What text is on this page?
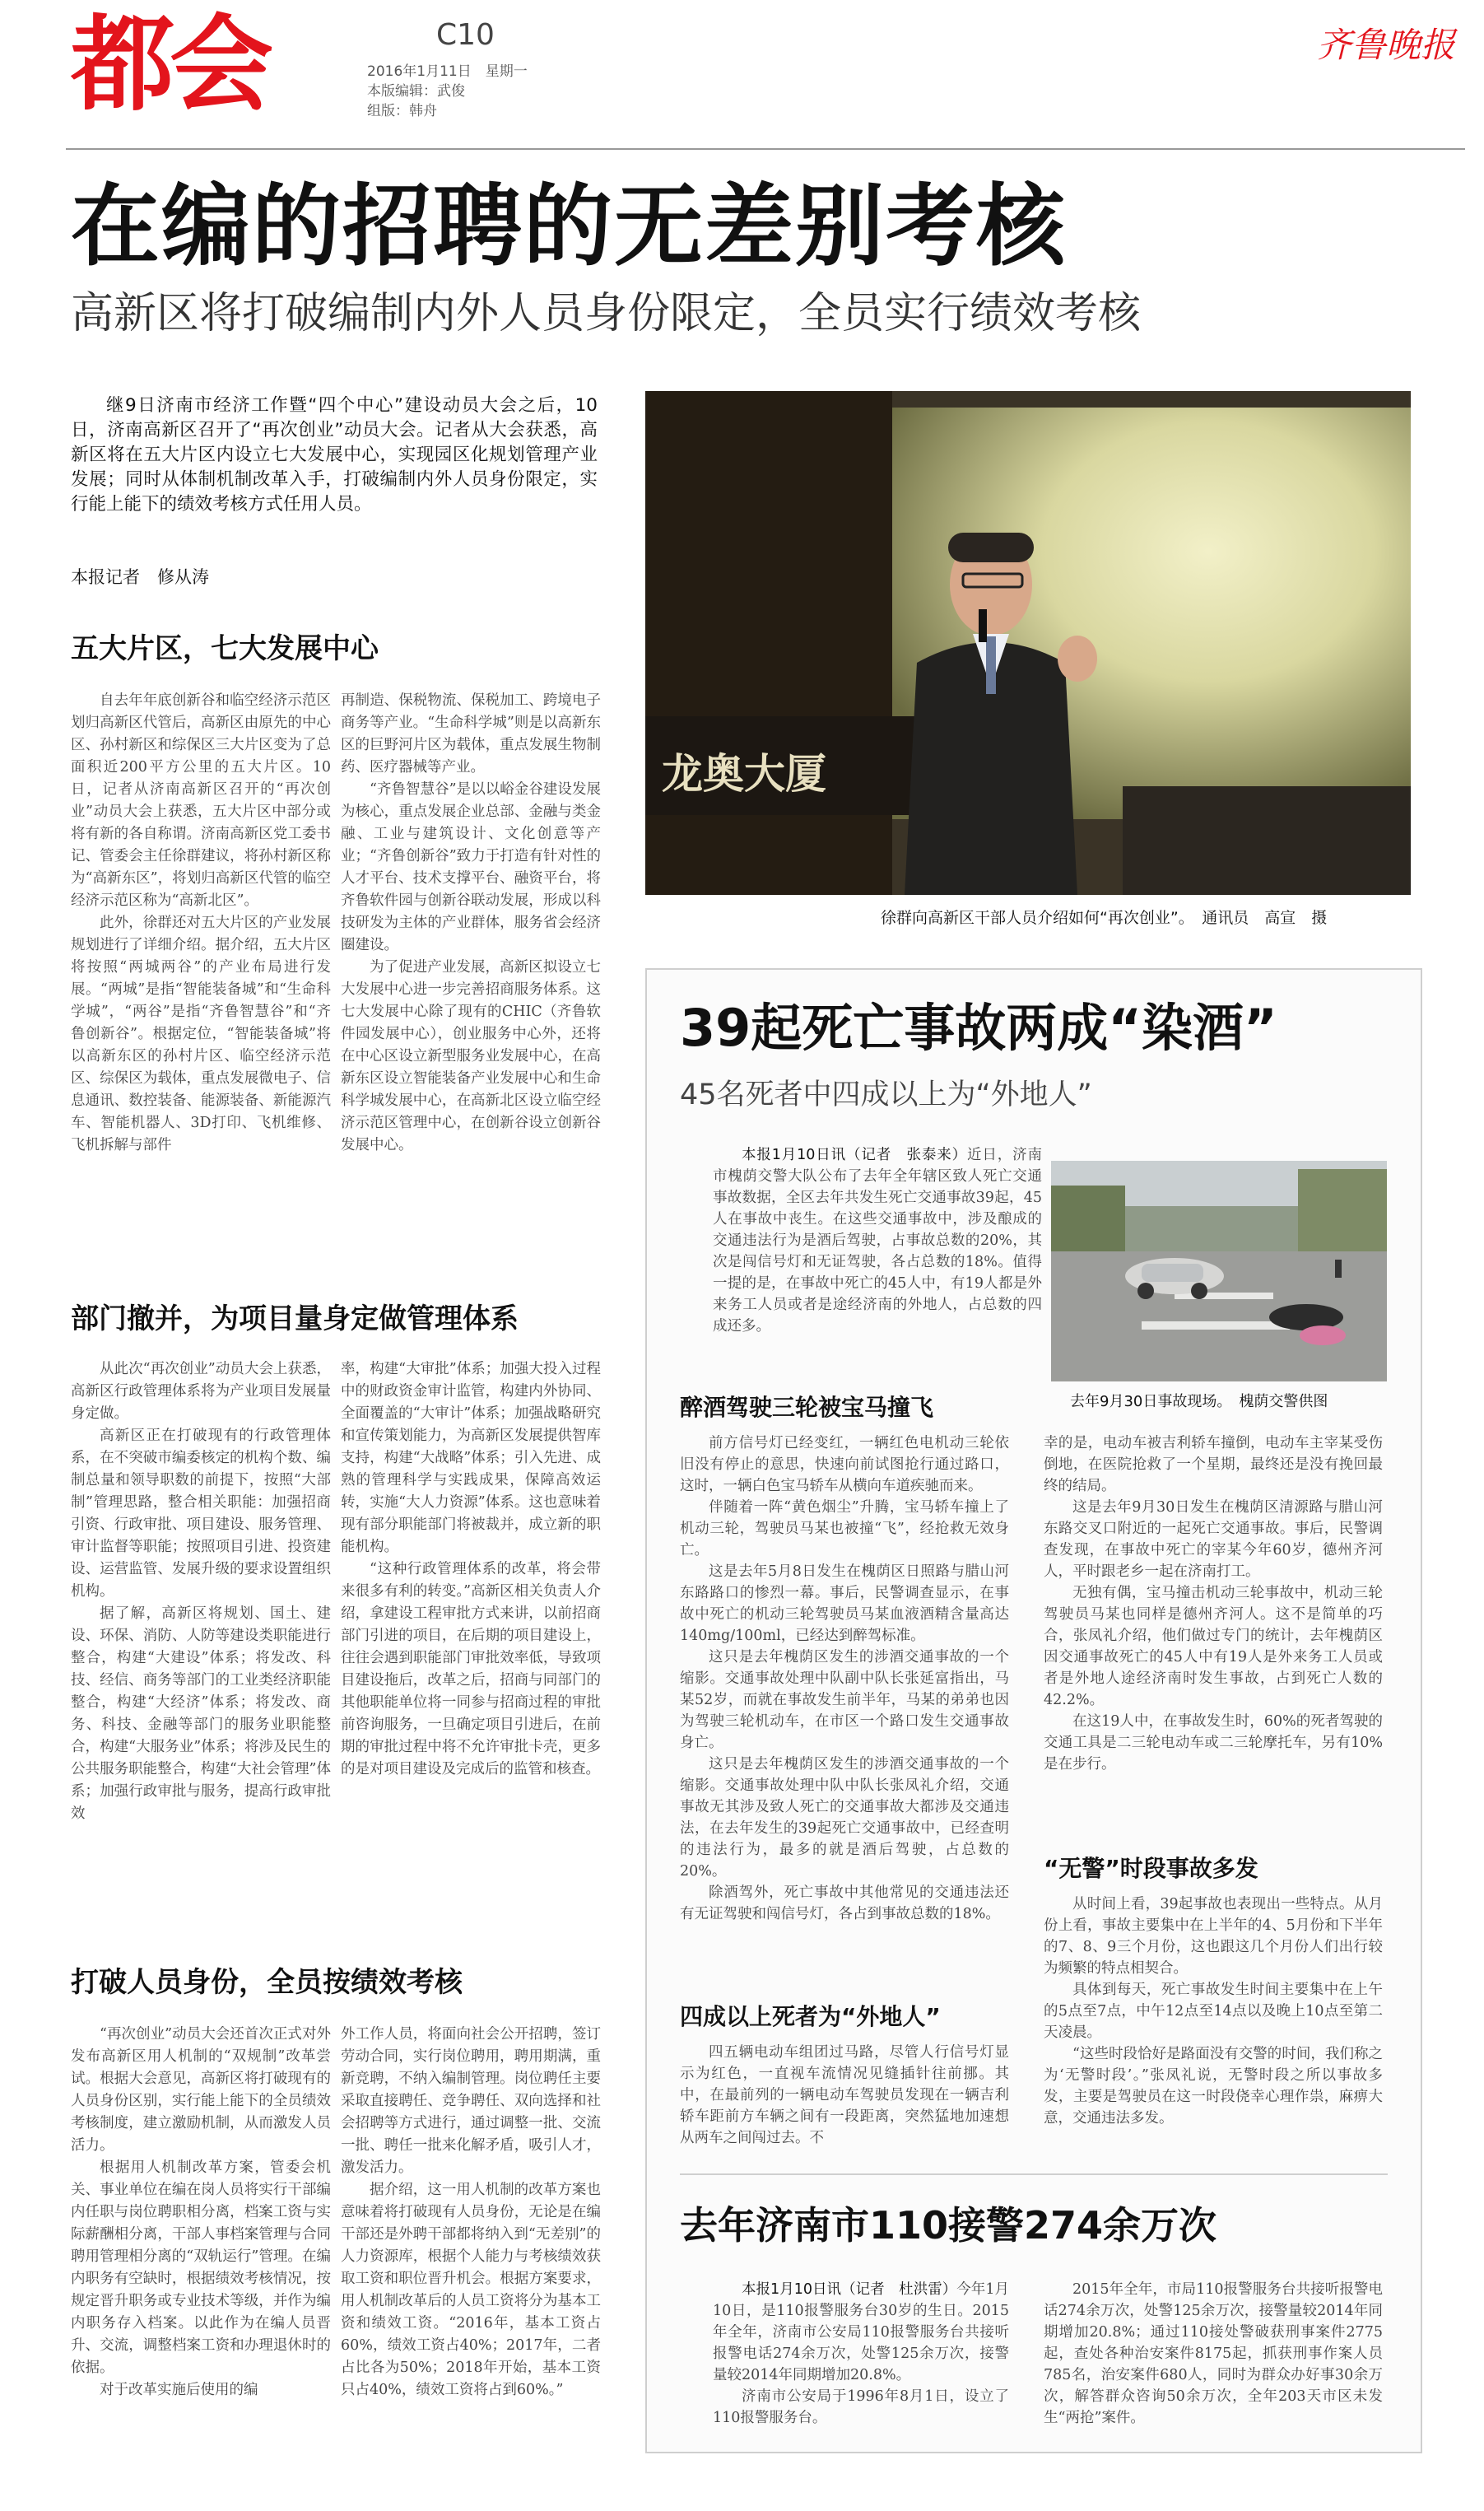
都会	C10
2016年1月11日　星期一
本版编辑：武俊
组版：韩舟
齐鲁晚报
在编的招聘的无差别考核
高新区将打破编制内外人员身份限定，全员实行绩效考核
继9日济南市经济工作暨“四个中心”建设动员大会之后，10日，济南高新区召开了“再次创业”动员大会。记者从大会获悉，高新区将在五大片区内设立七大发展中心，实现园区化规划管理产业发展；同时从体制机制改革入手，打破编制内外人员身份限定，实行能上能下的绩效考核方式任用人员。
本报记者　修从涛
龙奥大厦
徐群向高新区干部人员介绍如何“再次创业”。　通讯员　高宣　摄
五大片区，七大发展中心

自去年年底创新谷和临空经济示范区划归高新区代管后，高新区由原先的中心区、孙村新区和综保区三大片区变为了总面积近200平方公里的五大片区。10日，记者从济南高新区召开的“再次创业”动员大会上获悉，五大片区中部分或将有新的各自称谓。济南高新区党工委书记、管委会主任徐群建议，将孙村新区称为“高新东区”，将划归高新区代管的临空经济示范区称为“高新北区”。

此外，徐群还对五大片区的产业发展规划进行了详细介绍。据介绍，五大片区将按照“两城两谷”的产业布局进行发展。“两城”是指“智能装备城”和“生命科学城”，“两谷”是指“齐鲁智慧谷”和“齐鲁创新谷”。根据定位，“智能装备城”将以高新东区的孙村片区、临空经济示范区、综保区为载体，重点发展微电子、信息通讯、数控装备、能源装备、新能源汽车、智能机器人、3D打印、飞机维修、飞机拆解与部件

再制造、保税物流、保税加工、跨境电子商务等产业。“生命科学城”则是以高新东区的巨野河片区为载体，重点发展生物制药、医疗器械等产业。

“齐鲁智慧谷”是以以峪金谷建设发展为核心，重点发展企业总部、金融与类金融、工业与建筑设计、文化创意等产业；“齐鲁创新谷”致力于打造有针对性的人才平台、技术支撑平台、融资平台，将齐鲁软件园与创新谷联动发展，形成以科技研发为主体的产业群体，服务省会经济圈建设。

为了促进产业发展，高新区拟设立七大发展中心进一步完善招商服务体系。这七大发展中心除了现有的CHIC（齐鲁软件园发展中心），创业服务中心外，还将在中心区设立新型服务业发展中心，在高新东区设立智能装备产业发展中心和生命科学城发展中心，在高新北区设立临空经济示范区管理中心，在创新谷设立创新谷发展中心。

部门撤并，为项目量身定做管理体系

从此次“再次创业”动员大会上获悉，高新区行政管理体系将为产业项目发展量身定做。

高新区正在打破现有的行政管理体系，在不突破市编委核定的机构个数、编制总量和领导职数的前提下，按照“大部制”管理思路，整合相关职能：加强招商引资、行政审批、项目建设、服务管理、审计监督等职能；按照项目引进、投资建设、运营监管、发展升级的要求设置组织机构。

据了解，高新区将规划、国土、建设、环保、消防、人防等建设类职能进行整合，构建“大建设”体系；将发改、科技、经信、商务等部门的工业类经济职能整合，构建“大经济”体系；将发改、商务、科技、金融等部门的服务业职能整合，构建“大服务业”体系；将涉及民生的公共服务职能整合，构建“大社会管理”体系；加强行政审批与服务，提高行政审批效

率，构建“大审批”体系；加强大投入过程中的财政资金审计监管，构建内外协同、全面覆盖的“大审计”体系；加强战略研究和宣传策划能力，为高新区发展提供智库支持，构建“大战略”体系；引入先进、成熟的管理科学与实践成果，保障高效运转，实施“大人力资源”体系。这也意味着现有部分职能部门将被裁并，成立新的职能机构。

“这种行政管理体系的改革，将会带来很多有利的转变。”高新区相关负责人介绍，拿建设工程审批方式来讲，以前招商部门引进的项目，在后期的项目建设上，往往会遇到职能部门审批效率低，导致项目建设拖后，改革之后，招商与同部门的其他职能单位将一同参与招商过程的审批前咨询服务，一旦确定项目引进后，在前期的审批过程中将不允许审批卡壳，更多的是对项目建设及完成后的监管和核查。

打破人员身份，全员按绩效考核

“再次创业”动员大会还首次正式对外发布高新区用人机制的“双规制”改革尝试。根据大会意见，高新区将打破现有的人员身份区别，实行能上能下的全员绩效考核制度，建立激励机制，从而激发人员活力。

根据用人机制改革方案，管委会机关、事业单位在编在岗人员将实行干部编内任职与岗位聘职相分离，档案工资与实际薪酬相分离，干部人事档案管理与合同聘用管理相分离的“双轨运行”管理。在编内职务有空缺时，根据绩效考核情况，按规定晋升职务或专业技术等级，并作为编内职务存入档案。以此作为在编人员晋升、交流，调整档案工资和办理退休时的依据。

对于改革实施后使用的编

外工作人员，将面向社会公开招聘，签订劳动合同，实行岗位聘用，聘用期满，重新竞聘，不纳入编制管理。岗位聘任主要采取直接聘任、竞争聘任、双向选择和社会招聘等方式进行，通过调整一批、交流一批、聘任一批来化解矛盾，吸引人才，激发活力。

据介绍，这一用人机制的改革方案也意味着将打破现有人员身份，无论是在编干部还是外聘干部都将纳入到“无差别”的人力资源库，根据个人能力与考核绩效获取工资和职位晋升机会。根据方案要求，用人机制改革后的人员工资将分为基本工资和绩效工资。“2016年，基本工资占60%，绩效工资占40%；2017年，二者占比各为50%；2018年开始，基本工资只占40%，绩效工资将占到60%。”

39起死亡事故两成“染酒”
45名死者中四成以上为“外地人”

本报1月10日讯（记者　张泰来）近日，济南市槐荫交警大队公布了去年全年辖区致人死亡交通事故数据，全区去年共发生死亡交通事故39起，45人在事故中丧生。在这些交通事故中，涉及酿成的交通违法行为是酒后驾驶，占事故总数的20%，其次是闯信号灯和无证驾驶，各占总数的18%。值得一提的是，在事故中死亡的45人中，有19人都是外来务工人员或者是途经济南的外地人，占总数的四成还多。

去年9月30日事故现场。　槐荫交警供图
醉酒驾驶三轮被宝马撞飞

前方信号灯已经变红，一辆红色电机动三轮依旧没有停止的意思，快速向前试图抢行通过路口，这时，一辆白色宝马轿车从横向车道疾驰而来。

伴随着一阵“黄色烟尘”升腾，宝马轿车撞上了机动三轮，驾驶员马某也被撞“飞”，经抢救无效身亡。

这是去年5月8日发生在槐荫区日照路与腊山河东路路口的惨烈一幕。事后，民警调查显示，在事故中死亡的机动三轮驾驶员马某血液酒精含量高达140mg/100ml，已经达到醉驾标准。

这只是去年槐荫区发生的涉酒交通事故的一个缩影。交通事故处理中队副中队长张延富指出，马某52岁，而就在事故发生前半年，马某的弟弟也因为驾驶三轮机动车，在市区一个路口发生交通事故身亡。

这只是去年槐荫区发生的涉酒交通事故的一个缩影。交通事故处理中队中队长张凤礼介绍，交通事故无其涉及致人死亡的交通事故大都涉及交通违法，在去年发生的39起死亡交通事故中，已经查明的违法行为，最多的就是酒后驾驶，占总数的20%。

除酒驾外，死亡事故中其他常见的交通违法还有无证驾驶和闯信号灯，各占到事故总数的18%。

幸的是，电动车被吉利轿车撞倒，电动车主宰某受伤倒地，在医院抢救了一个星期，最终还是没有挽回最终的结局。

这是去年9月30日发生在槐荫区清源路与腊山河东路交叉口附近的一起死亡交通事故。事后，民警调查发现，在事故中死亡的宰某今年60岁，德州齐河人，平时跟老乡一起在济南打工。

无独有偶，宝马撞击机动三轮事故中，机动三轮驾驶员马某也同样是德州齐河人。这不是简单的巧合，张凤礼介绍，他们做过专门的统计，去年槐荫区因交通事故死亡的45人中有19人是外来务工人员或者是外地人途经济南时发生事故，占到死亡人数的42.2%。

在这19人中，在事故发生时，60%的死者驾驶的交通工具是二三轮电动车或二三轮摩托车，另有10%是在步行。

“无警”时段事故多发

从时间上看，39起事故也表现出一些特点。从月份上看，事故主要集中在上半年的4、5月份和下半年的7、8、9三个月份，这也跟这几个月份人们出行较为频繁的特点相契合。

具体到每天，死亡事故发生时间主要集中在上午的5点至7点，中午12点至14点以及晚上10点至第二天凌晨。

“这些时段恰好是路面没有交警的时间，我们称之为‘无警时段’。”张凤礼说，无警时段之所以事故多发，主要是驾驶员在这一时段侥幸心理作祟，麻痹大意，交通违法多发。

四成以上死者为“外地人”

四五辆电动车组团过马路，尽管人行信号灯显示为红色，一直视车流情况见缝插针往前挪。其中，在最前列的一辆电动车驾驶员发现在一辆吉利轿车距前方车辆之间有一段距离，突然猛地加速想从两车之间闯过去。不

去年济南市110接警274余万次

本报1月10日讯（记者　杜洪雷）今年1月10日，是110报警服务台30岁的生日。2015年全年，济南市公安局110报警服务台共接听报警电话274余万次，处警125余万次，接警量较2014年同期增加20.8%。

济南市公安局于1996年8月1日，设立了110报警服务台。

2015年全年，市局110报警服务台共接听报警电话274余万次，处警125余万次，接警量较2014年同期增加20.8%；通过110接处警破获刑事案件2775起，查处各种治安案件8175起，抓获刑事作案人员785名，治安案件680人，同时为群众办好事30余万次，解答群众咨询50余万次，全年203天市区未发生“两抢”案件。
